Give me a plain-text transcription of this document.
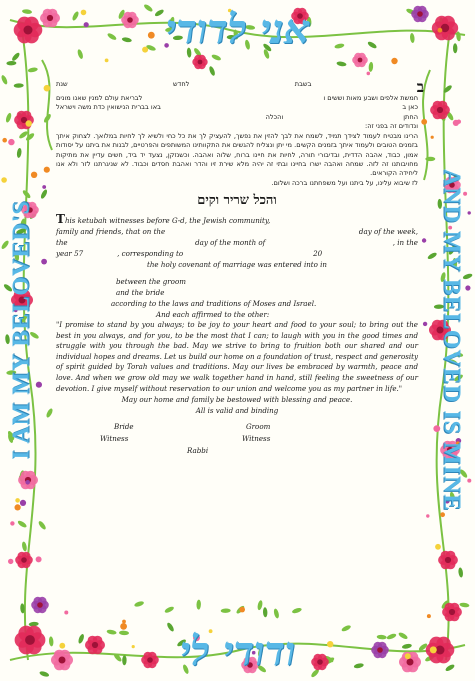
אני לדודי
ודודי לי
I AM MY BELOVED'S	AND MY BELOVED IS MINE
ב
בשבת
לחדש
שנת
חמשת אלפים ושבע מאות וששים ו
לבריאת עולם למנין שאנו מונים
כאן ב
באו בברית הנישואין כדת משה וישראל
החתן
והכלה
ונדודים זה בפני זה:
הרינו מבטיח לעמוד לצידך תמיד, לשמח את לבך להזין את נפשך, להעציק לך את כל כחי ולשיא לך לחיות במלואך. לצחוק איתך בזמנים הטובים ולעמוד איתך בזמנים הקשים. מי יתן ונצליח להגשים את התקוותינו המשותפים והפרטיים, לבנות את ביתנו על יסודות אמון, כבוד, אהבה הדדית, ובדיבורי תורה, לחיות את חיינו ברוח, שלוה ואהבה. וכשנזקן, נצעד יד ביד, חשים עדיין את מתיקות מחויבותנו זה לזה. שמחה ואהבה ישרו בחיינו ובתי זה יהיה מלא שירת זיו והדר ואהבת חסדים וכבוד. לא שניגרתנו לזר ולא אנו ליחידה הקוראים.
לז שיבוא עלינו, על ביתנו ועל משפחתנו ברכה ושלום.
והכל שריר וקים
This ketubah witnesses before G-d, the Jewish community,
family and friends, that on the	day of the week,
the	day of the month of	, in the
year 57	, corresponding to	20
the holy covenant of marriage was entered into in
between the groom
and the bride
according to the laws and traditions of Moses and Israel.
And each affirmed to the other:
"I promise to stand by you always; to be joy to your heart and food to your soul; to bring out the best in you always, and for you, to be the most that I can; to laugh with you in the good times and struggle with you through the bad. May we strive to bring to fruition both our shared and our individual hopes and dreams. Let us build our home on a foundation of trust, respect and generosity of spirit guided by Torah values and traditions. May our lives be embraced by warmth, peace and love. And when we grow old may we walk together hand in hand, still feeling the sweetness of our devotion. I give myself without reservation to our union and welcome you as my partner in life."
May our home and family be bestowed with blessing and peace.
All is valid and binding
Bride	Groom
Witness	Witness
Rabbi
